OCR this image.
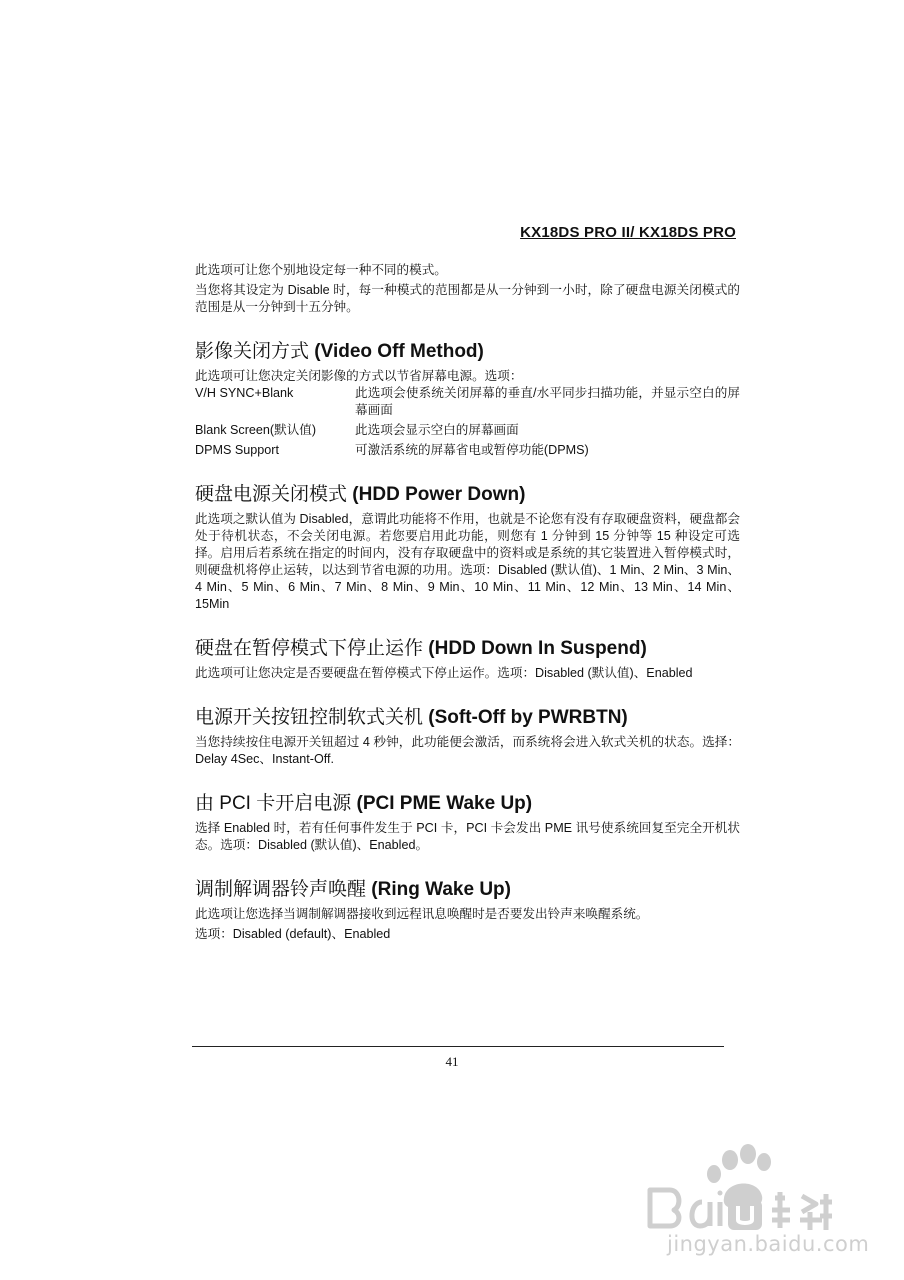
KX18DS PRO II/ KX18DS PRO

此选项可让您个别地设定每一种不同的模式。

当您将其设定为 Disable 时，每一种模式的范围都是从一分钟到一小时，除了硬盘电源关闭模式的范围是从一分钟到十五分钟。

影像关闭方式 (Video Off Method)

此选项可让您决定关闭影像的方式以节省屏幕电源。选项：

V/H SYNC+Blank	此选项会使系统关闭屏幕的垂直/水平同步扫描功能，并显示空白的屏幕画面
Blank Screen(默认值)	此选项会显示空白的屏幕画面
DPMS Support	可激活系统的屏幕省电或暂停功能(DPMS)
硬盘电源关闭模式 (HDD Power Down)

此选项之默认值为 Disabled，意谓此功能将不作用，也就是不论您有没有存取硬盘资料，硬盘都会处于待机状态，不会关闭电源。若您要启用此功能，则您有 1 分钟到 15 分钟等 15 种设定可选择。启用后若系统在指定的时间内，没有存取硬盘中的资料或是系统的其它装置进入暂停模式时，则硬盘机将停止运转，以达到节省电源的功用。选项：Disabled (默认值)、1 Min、2 Min、3 Min、4 Min、5 Min、6 Min、7 Min、8 Min、9 Min、10 Min、11 Min、12 Min、13 Min、14 Min、15Min

硬盘在暂停模式下停止运作 (HDD Down In Suspend)

此选项可让您决定是否要硬盘在暂停模式下停止运作。选项：Disabled (默认值)、Enabled

电源开关按钮控制软式关机 (Soft-Off by PWRBTN)

当您持续按住电源开关钮超过 4 秒钟，此功能便会激活，而系统将会进入软式关机的状态。选择：Delay 4Sec、Instant-Off.

由 PCI 卡开启电源 (PCI PME Wake Up)

选择 Enabled 时，若有任何事件发生于 PCI 卡，PCI 卡会发出 PME 讯号使系统回复至完全开机状态。选项：Disabled (默认值)、Enabled。

调制解调器铃声唤醒 (Ring Wake Up)

此选项让您选择当调制解调器接收到远程讯息唤醒时是否要发出铃声来唤醒系统。

选项：Disabled (default)、Enabled

41
jingyan.baidu.com
